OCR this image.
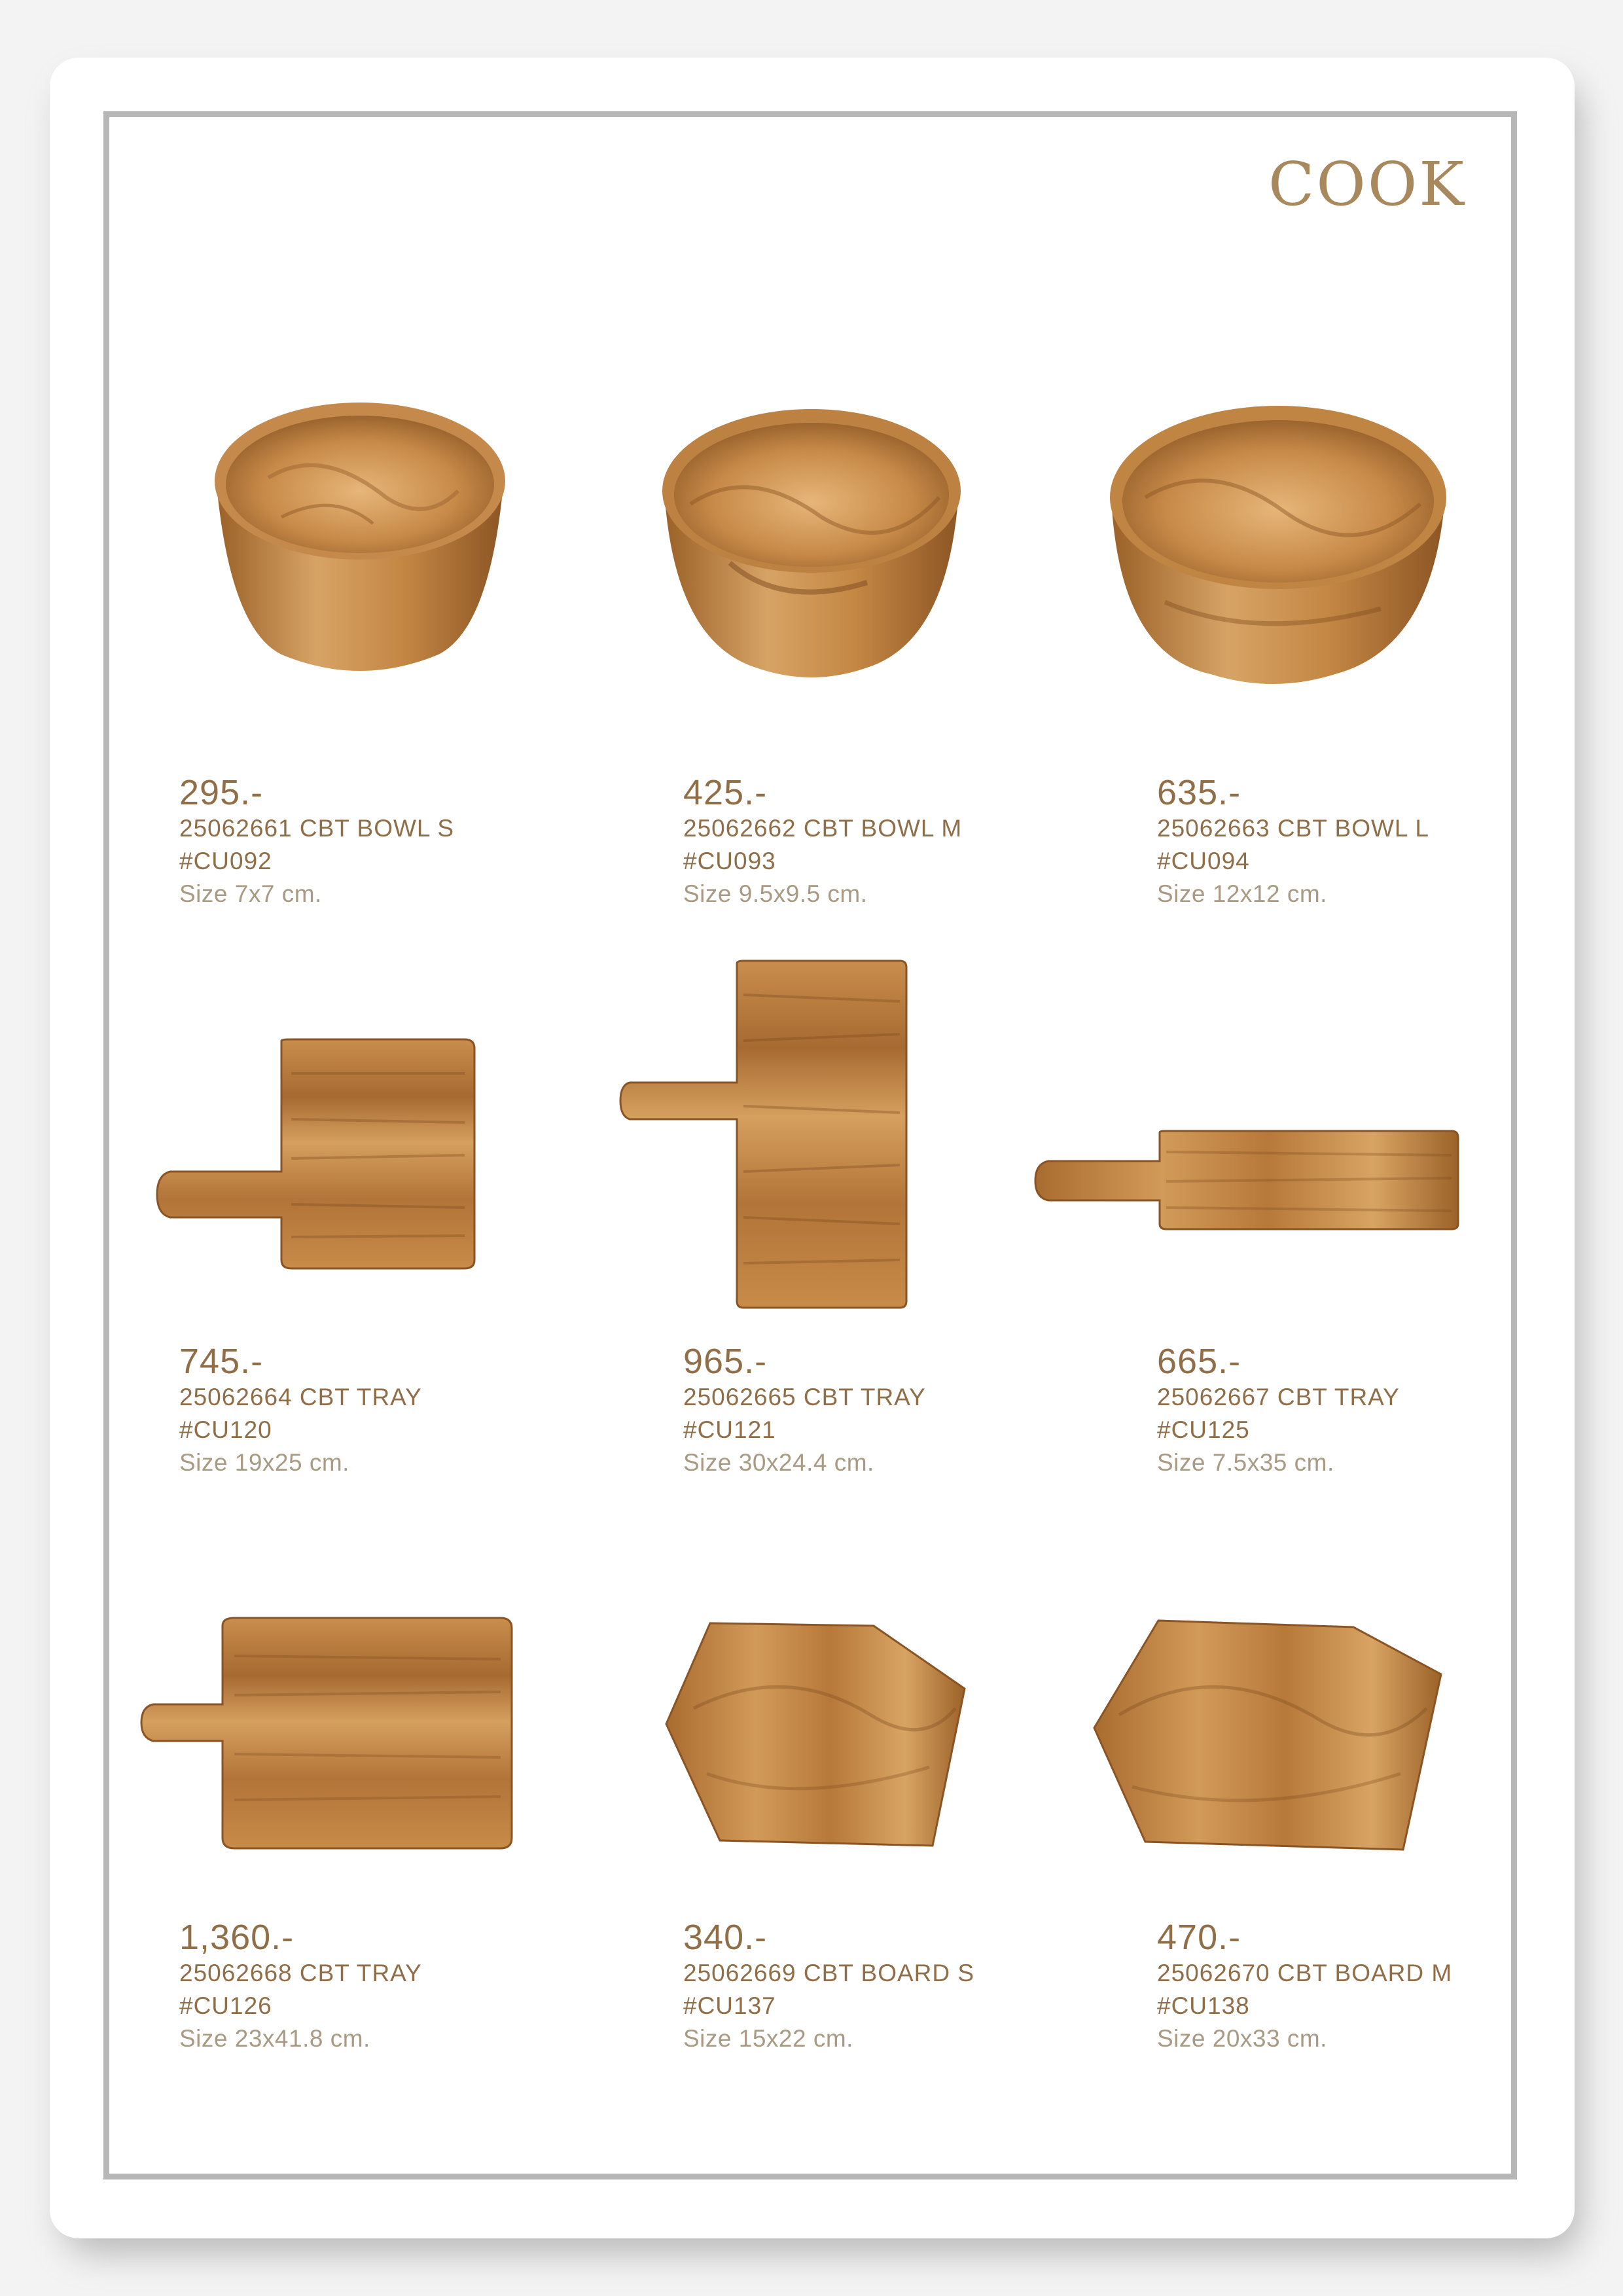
COOK
295.-
25062661 CBT BOWL S
#CU092
Size 7x7 cm.
425.-
25062662 CBT BOWL M
#CU093
Size 9.5x9.5 cm.
635.-
25062663 CBT BOWL L
#CU094
Size 12x12 cm.
745.-
25062664 CBT TRAY
#CU120
Size 19x25 cm.
965.-
25062665 CBT TRAY
#CU121
Size 30x24.4 cm.
665.-
25062667 CBT TRAY
#CU125
Size 7.5x35 cm.
1,360.-
25062668 CBT TRAY
#CU126
Size 23x41.8 cm.
340.-
25062669 CBT BOARD S
#CU137
Size 15x22 cm.
470.-
25062670 CBT BOARD M
#CU138
Size 20x33 cm.
